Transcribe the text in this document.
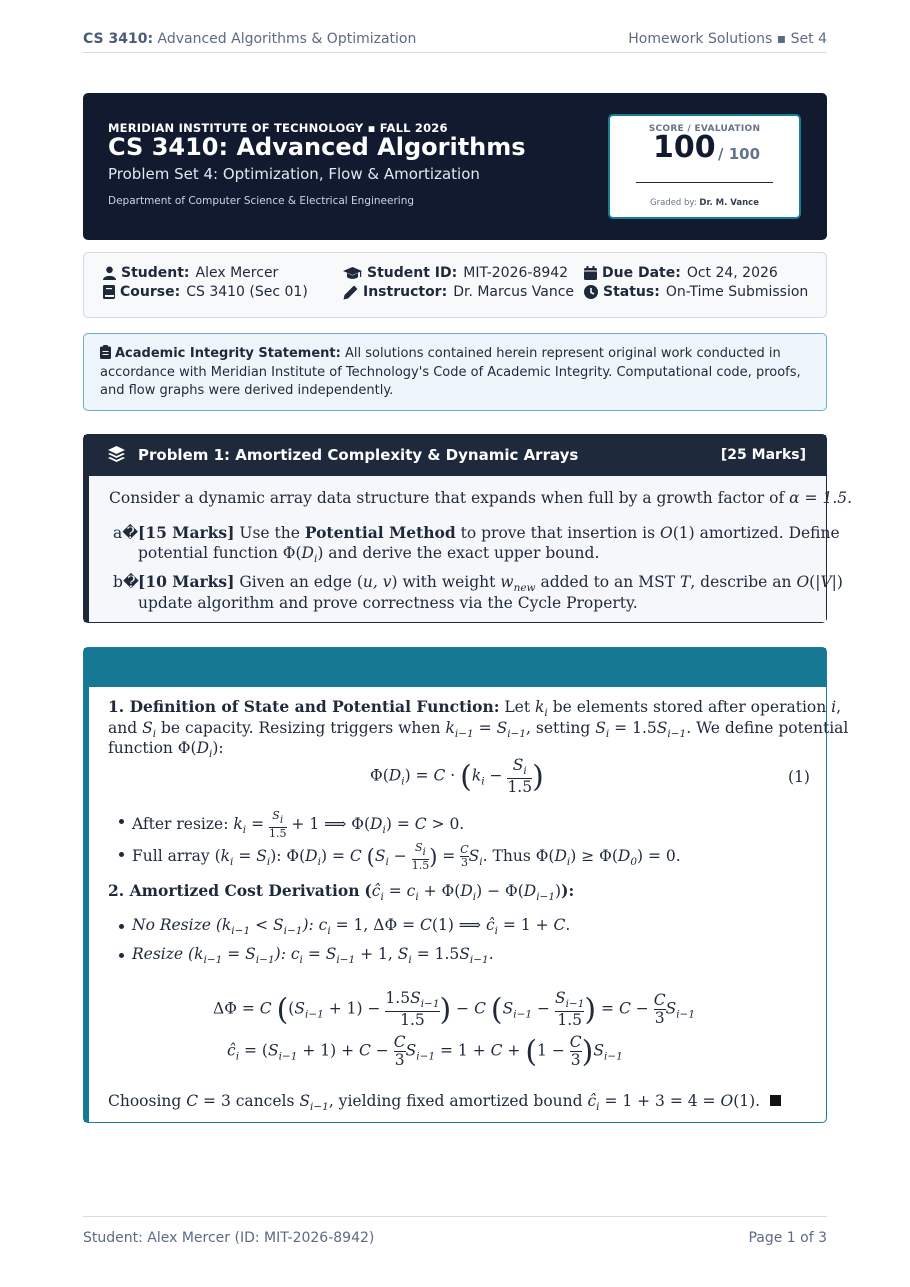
CS 3410: Advanced Algorithms & Optimization	Homework Solutions ▪ Set 4
MERIDIAN INSTITUTE OF TECHNOLOGY ▪ FALL 2026
CS 3410: Advanced Algorithms
Problem Set 4: Optimization, Flow & Amortization
Department of Computer Science & Electrical Engineering
SCORE / EVALUATION
100 / 100
Graded by: Dr. M. Vance
Student: Alex Mercer
Course: CS 3410 (Sec 01)
Student ID: MIT-2026-8942
Instructor: Dr. Marcus Vance
Due Date: Oct 24, 2026
Status: On-Time Submission
Academic Integrity Statement: All solutions contained herein represent original work conducted in accordance with Meridian Institute of Technology's Code of Academic Integrity. Computational code, proofs, and flow graphs were derived independently.
Problem 1: Amortized Complexity & Dynamic Arrays	[25 Marks]
Consider a dynamic array data structure that expands when full by a growth factor of α = 1.5.
a� [15 Marks] Use the Potential Method to prove that insertion is O(1) amortized. Define
potential function $\Phi(D_i)$ and derive the exact upper bound.
b� [10 Marks] Given an edge (u, v) with weight $w_{new}$ added to an MST T, describe an O(|V|)
update algorithm and prove correctness via the Cycle Property.
1. Definition of State and Potential Function: Let $k_i$ be elements stored after operation i,
and $S_i$ be capacity. Resizing triggers when $k_{i-1} = S_{i-1}$, setting $S_i = 1.5S_{i-1}$. We define potential
function $\Phi(D_i)$:
$\Phi(D_i) = C \cdot (k_i - \frac{S_i}{1.5}$ )	(1)
After resize: $k_i = \frac{Si}{1.5} + 1$ ⟹ $\Phi(D_i) = C > 0$.
Full array $(k_i = S_i)$: $\Phi(D_i) = C$ ($S_i - \frac{Si}{1.5}$ ) = $\frac{C}{3} S_i$. Thus $\Phi(D_i) \ge \Phi(D_0) = 0$.
2. Amortized Cost Derivation $(ĉ_i = c_i + \Phi(D_i) - \Phi(D_{i-1}))$:
No Resize $(k_{i-1} < S_{i-1})$: $c_i = 1$, ΔΦ = C(1) ⟹ $ĉ_i = 1 + C$.
Resize $(k_{i-1} = S_{i-1})$: $c_i = S_{i-1} + 1$, $S_i = 1.5S_{i-1}$.
ΔΦ = C ($(S_{i-1} + 1) - \frac{1.5S_{i-1}}{1.5}$ ) − C ($S_{i-1} - \frac{S_{i-1}}{1.5}$ ) = $C - \frac{C}{3} S_{i-1}$
$ĉ_i = (S_{i-1} + 1) + C - \frac{C}{3} S_{i-1} = 1 + C + (1 - \frac{C}{3} )S_{i-1}$
Choosing C = 3 cancels $S_{i-1}$, yielding fixed amortized bound $ĉ_i = 1 + 3 = 4 = O(1)$.
Student: Alex Mercer (ID: MIT-2026-8942)	Page 1 of 3
